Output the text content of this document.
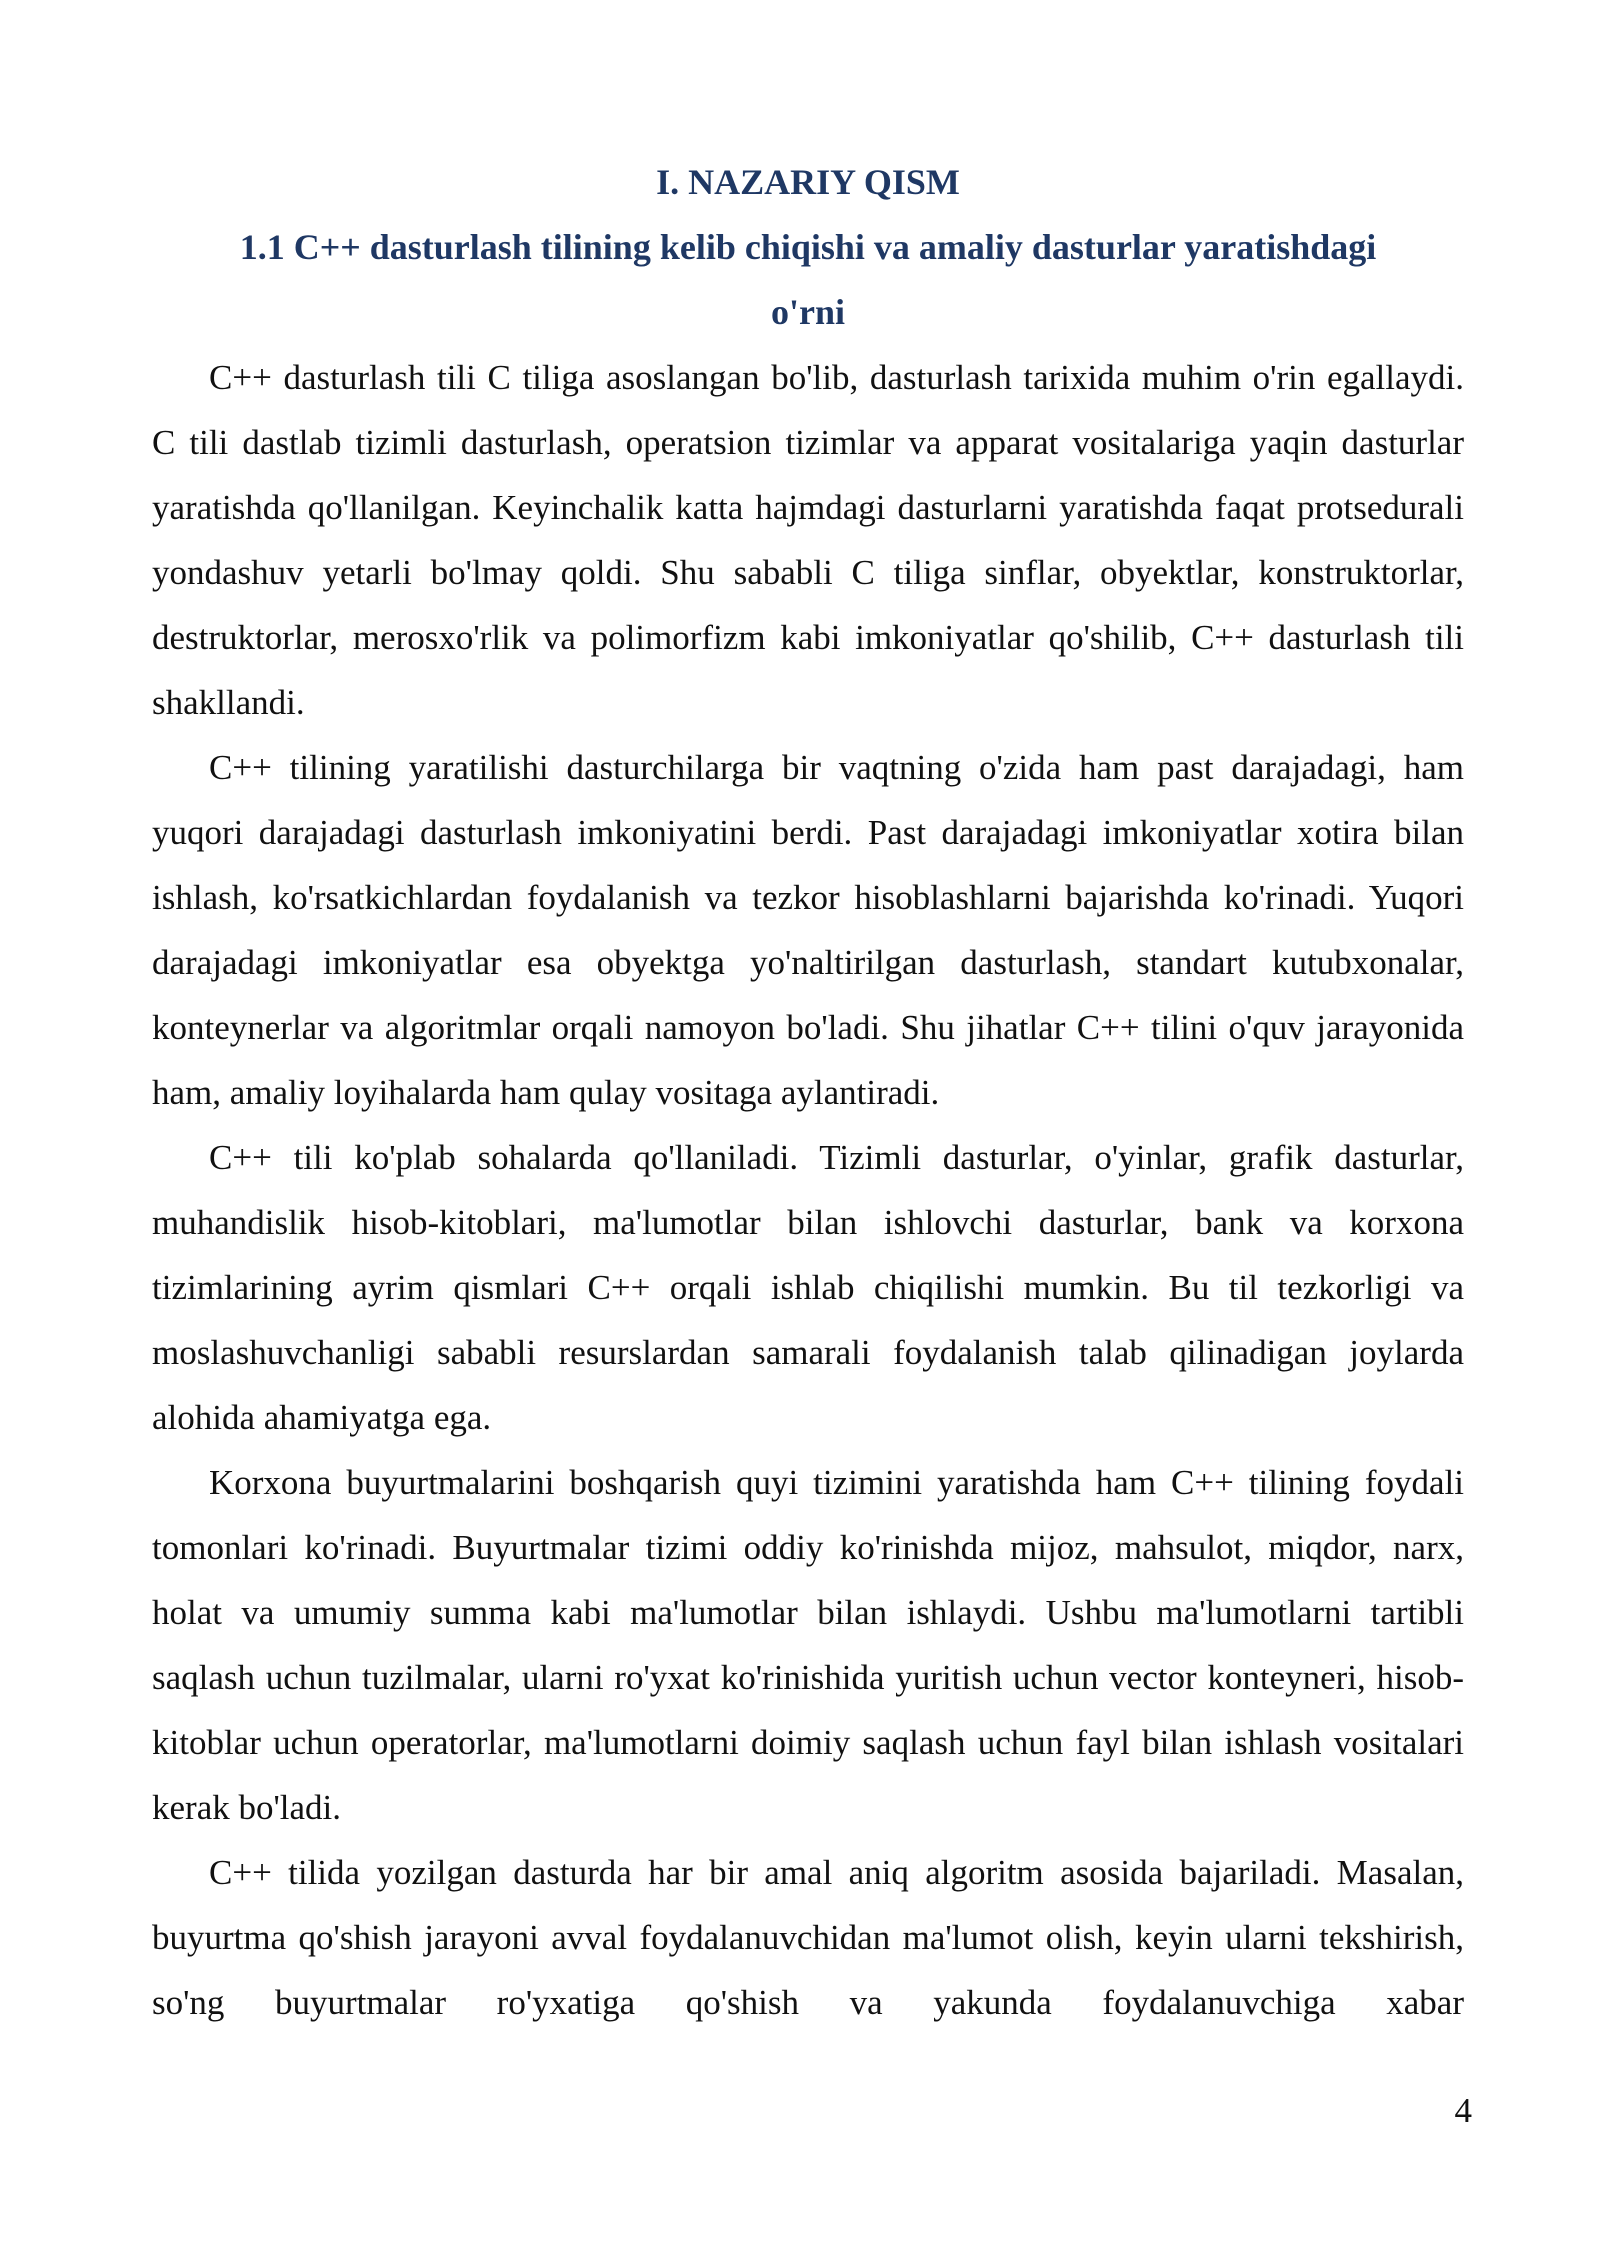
I. NAZARIY QISM
1.1 C++ dasturlash tilining kelib chiqishi va amaliy dasturlar yaratishdagi o'rni

C++ dasturlash tili C tiliga asoslangan bo'lib, dasturlash tarixida muhim o'rin egallaydi. C tili dastlab tizimli dasturlash, operatsion tizimlar va apparat vositalariga yaqin dasturlar yaratishda qo'llanilgan. Keyinchalik katta hajmdagi dasturlarni yaratishda faqat protsedurali yondashuv yetarli bo'lmay qoldi. Shu sababli C tiliga sinflar, obyektlar, konstruktorlar, destruktorlar, merosxo'rlik va polimorfizm kabi imkoniyatlar qo'shilib, C++ dasturlash tili shakllandi.

C++ tilining yaratilishi dasturchilarga bir vaqtning o'zida ham past darajadagi, ham yuqori darajadagi dasturlash imkoniyatini berdi. Past darajadagi imkoniyatlar xotira bilan ishlash, ko'rsatkichlardan foydalanish va tezkor hisoblashlarni bajarishda ko'rinadi. Yuqori darajadagi imkoniyatlar esa obyektga yo'naltirilgan dasturlash, standart kutubxonalar, konteynerlar va algoritmlar orqali namoyon bo'ladi. Shu jihatlar C++ tilini o'quv jarayonida ham, amaliy loyihalarda ham qulay vositaga aylantiradi.

C++ tili ko'plab sohalarda qo'llaniladi. Tizimli dasturlar, o'yinlar, grafik dasturlar, muhandislik hisob-kitoblari, ma'lumotlar bilan ishlovchi dasturlar, bank va korxona tizimlarining ayrim qismlari C++ orqali ishlab chiqilishi mumkin. Bu til tezkorligi va moslashuvchanligi sababli resurslardan samarali foydalanish talab qilinadigan joylarda alohida ahamiyatga ega.

Korxona buyurtmalarini boshqarish quyi tizimini yaratishda ham C++ tilining foydali tomonlari ko'rinadi. Buyurtmalar tizimi oddiy ko'rinishda mijoz, mahsulot, miqdor, narx, holat va umumiy summa kabi ma'lumotlar bilan ishlaydi. Ushbu ma'lumotlarni tartibli saqlash uchun tuzilmalar, ularni ro'yxat ko'rinishida yuritish uchun vector konteyneri, hisob-kitoblar uchun operatorlar, ma'lumotlarni doimiy saqlash uchun fayl bilan ishlash vositalari kerak bo'ladi.

C++ tilida yozilgan dasturda har bir amal aniq algoritm asosida bajariladi. Masalan, buyurtma qo'shish jarayoni avval foydalanuvchidan ma'lumot olish, keyin ularni tekshirish, so'ng buyurtmalar ro'yxatiga qo'shish va yakunda foydalanuvchiga xabar

4
